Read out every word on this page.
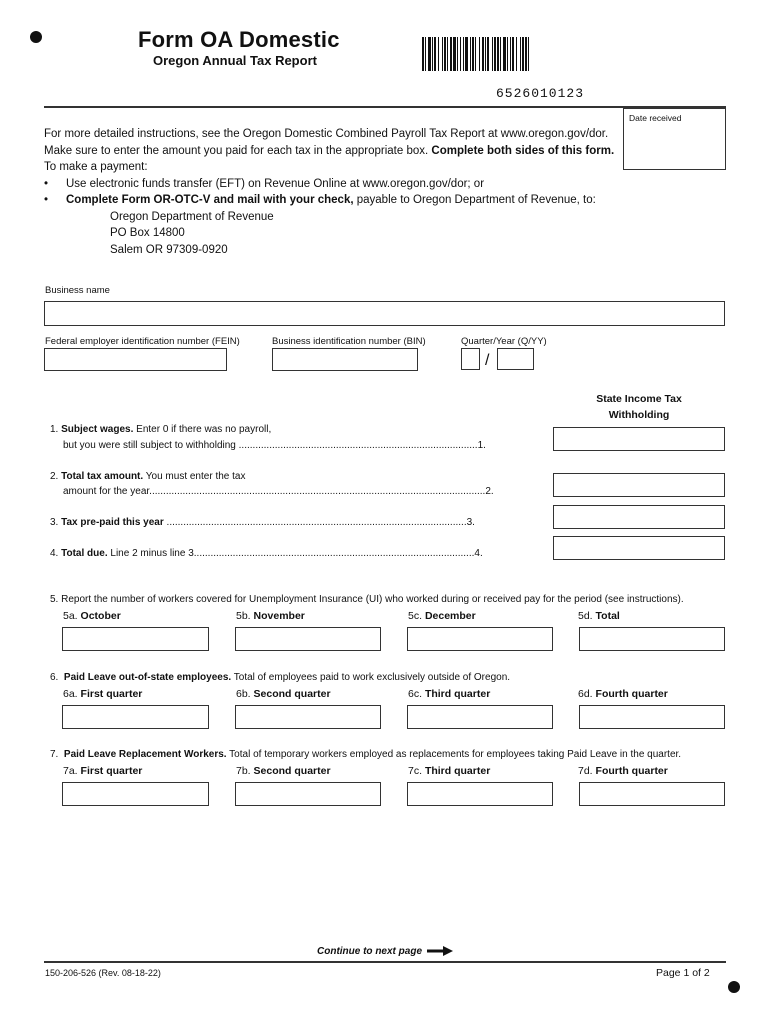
Form OA Domestic
Oregon Annual Tax Report
6526010123
Date received
For more detailed instructions, see the Oregon Domestic Combined Payroll Tax Report at www.oregon.gov/dor.
Make sure to enter the amount you paid for each tax in the appropriate box. Complete both sides of this form.
To make a payment:
• Use electronic funds transfer (EFT) on Revenue Online at www.oregon.gov/dor; or
• Complete Form OR-OTC-V and mail with your check, payable to Oregon Department of Revenue, to:
Oregon Department of Revenue
PO Box 14800
Salem OR 97309-0920
Business name
Federal employer identification number (FEIN)	Business identification number (BIN)	Quarter/Year (Q/YY)
/
State Income Tax
Withholding
1. Subject wages. Enter 0 if there was no payroll,
but you were still subject to withholding ......................................................................................1.
2. Total tax amount. You must enter the tax
amount for the year.........................................................................................................................2.
3. Tax pre-paid this year ............................................................................................................3.
4. Total due. Line 2 minus line 3.....................................................................................................4.
5. Report the number of workers covered for Unemployment Insurance (UI) who worked during or received pay for the period (see instructions).
5a. October	5b. November	5c. December	5d. Total
6. Paid Leave out-of-state employees. Total of employees paid to work exclusively outside of Oregon.
6a. First quarter	6b. Second quarter	6c. Third quarter	6d. Fourth quarter
7. Paid Leave Replacement Workers. Total of temporary workers employed as replacements for employees taking Paid Leave in the quarter.
7a. First quarter	7b. Second quarter	7c. Third quarter	7d. Fourth quarter
Continue to next page
150-206-526 (Rev. 08-18-22)	Page 1 of 2
